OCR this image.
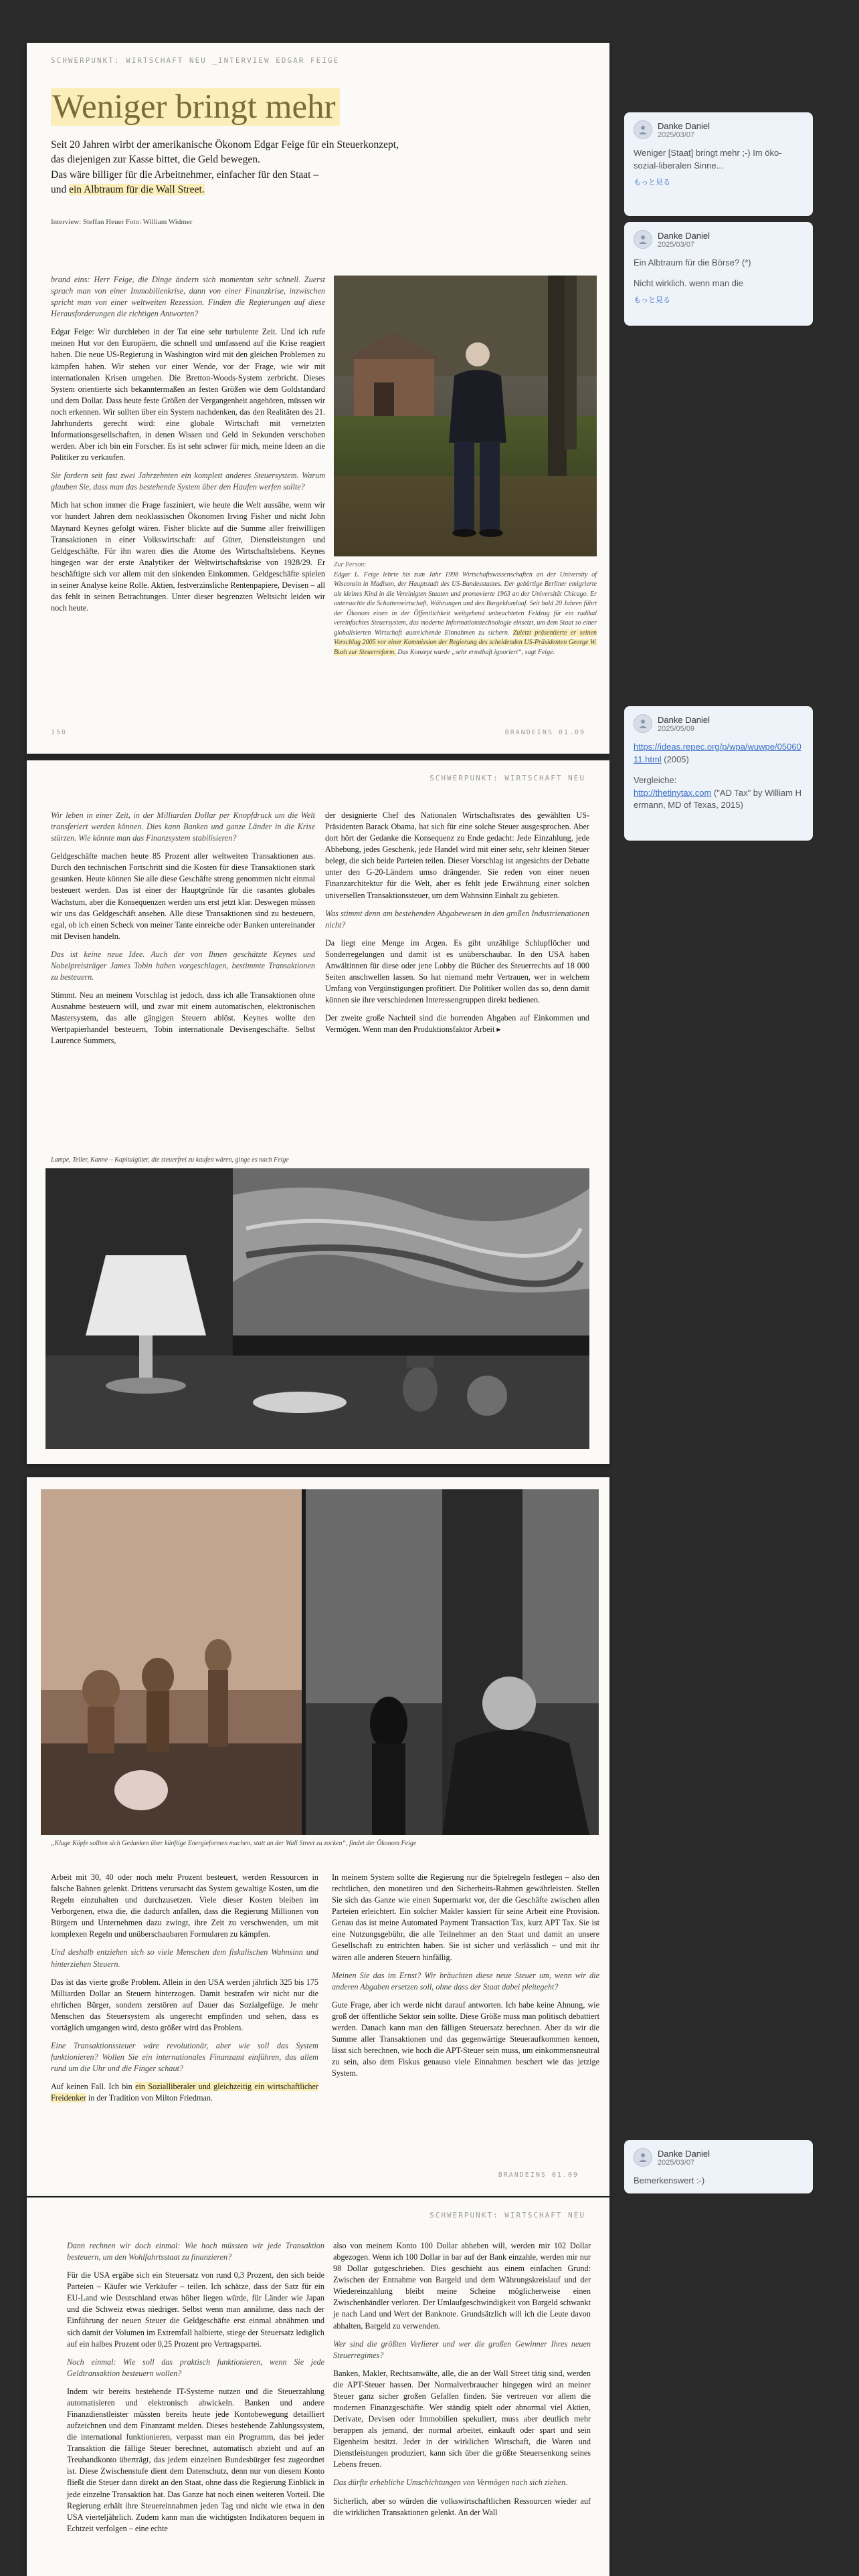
SCHWERPUNKT: WIRTSCHAFT NEU _INTERVIEW EDGAR FEIGE
Weniger bringt mehr
Seit 20 Jahren wirbt der amerikanische Ökonom Edgar Feige für ein Steuerkonzept,
das diejenigen zur Kasse bittet, die Geld bewegen.
Das wäre billiger für die Arbeitnehmer, einfacher für den Staat –
und ein Albtraum für die Wall Street.
Interview: Steffan Heuer Foto: William Widmer

brand eins: Herr Feige, die Dinge ändern sich momentan sehr schnell. Zuerst sprach man von einer Immobilienkrise, dann von einer Finanzkrise, inzwischen spricht man von einer weltweiten Rezession. Finden die Regierungen auf diese Herausforderungen die richtigen Antworten?

Edgar Feige: Wir durchleben in der Tat eine sehr turbulente Zeit. Und ich rufe meinen Hut vor den Europäern, die schnell und umfassend auf die Krise reagiert haben. Die neue US-Regierung in Washington wird mit den gleichen Problemen zu kämpfen haben. Wir stehen vor einer Wende, vor der Frage, wie wir mit internationalen Krisen umgehen. Die Bretton-Woods-System zerbricht. Dieses System orientierte sich bekanntermaßen an festen Größen wie dem Goldstandard und dem Dollar. Dass heute feste Größen der Vergangenheit angehören, müssen wir noch erkennen. Wir sollten über ein System nachdenken, das den Realitäten des 21. Jahrhunderts gerecht wird: eine globale Wirtschaft mit vernetzten Informationsgesellschaften, in denen Wissen und Geld in Sekunden verschoben werden. Aber ich bin ein Forscher. Es ist sehr schwer für mich, meine Ideen an die Politiker zu verkaufen.

Sie fordern seit fast zwei Jahrzehnten ein komplett anderes Steuersystem. Warum glauben Sie, dass man das bestehende System über den Haufen werfen sollte?

Mich hat schon immer die Frage fasziniert, wie heute die Welt aussähe, wenn wir vor hundert Jahren dem neoklassischen Ökonomen Irving Fisher und nicht John Maynard Keynes gefolgt wären. Fisher blickte auf die Summe aller freiwilligen Transaktionen in einer Volkswirtschaft: auf Güter, Dienstleistungen und Geldgeschäfte. Für ihn waren dies die Atome des Wirtschaftslebens. Keynes hingegen war der erste Analytiker der Weltwirtschaftskrise von 1928/29. Er beschäftigte sich vor allem mit den sinkenden Einkommen. Geldgeschäfte spielen in seiner Analyse keine Rolle. Aktien, festverzinsliche Rentenpapiere, Devisen – all das fehlt in seinen Betrachtungen. Unter dieser begrenzten Weltsicht leiden wir noch heute.

Zur Person:
Edgar L. Feige lehrte bis zum Jahr 1998 Wirtschaftswissenschaften an der University of Wisconsin in Madison, der Hauptstadt des US-Bundesstaates. Der gebürtige Berliner emigrierte als kleines Kind in die Vereinigten Staaten und promovierte 1963 an der Universität Chicago. Er untersuchte die Schattenwirtschaft, Währungen und den Bargeldumlauf. Seit bald 20 Jahren führt der Ökonom einen in der Öffentlichkeit weitgehend unbeachteten Feldzug für ein radikal vereinfachtes Steuersystem, das moderne Informationstechnologie einsetzt, um dem Staat so einer globalisierten Wirtschaft ausreichende Einnahmen zu sichern. Zuletzt präsentierte er seinen Vorschlag 2005 vor einer Kommission der Regierung des scheidenden US-Präsidenten George W. Bush zur Steuerreform. Das Konzept wurde „sehr ernsthaft ignoriert“, sagt Feige.
150	BRANDEINS 01.09
SCHWERPUNKT: WIRTSCHAFT NEU

Wir leben in einer Zeit, in der Milliarden Dollar per Knopfdruck um die Welt transferiert werden können. Dies kann Banken und ganze Länder in die Krise stürzen. Wie könnte man das Finanzsystem stabilisieren?

Geldgeschäfte machen heute 85 Prozent aller weltweiten Transaktionen aus. Durch den technischen Fortschritt sind die Kosten für diese Transaktionen stark gesunken. Heute können Sie alle diese Geschäfte streng genommen nicht einmal besteuert werden. Das ist einer der Hauptgründe für die rasantes globales Wachstum, aber die Konsequenzen werden uns erst jetzt klar. Deswegen müssen wir uns das Geldgeschäft ansehen. Alle diese Transaktionen sind zu besteuern, egal, ob ich einen Scheck von meiner Tante einreiche oder Banken untereinander mit Devisen handeln.

Das ist keine neue Idee. Auch der von Ihnen geschätzte Keynes und Nobelpreisträger James Tobin haben vorgeschlagen, bestimmte Transaktionen zu besteuern.

Stimmt. Neu an meinem Vorschlag ist jedoch, dass ich alle Transaktionen ohne Ausnahme besteuern will, und zwar mit einem automatischen, elektronischen Mastersystem, das alle gängigen Steuern ablöst. Keynes wollte den Wertpapierhandel besteuern, Tobin internationale Devisengeschäfte. Selbst Laurence Summers,

der designierte Chef des Nationalen Wirtschaftsrates des gewählten US-Präsidenten Barack Obama, hat sich für eine solche Steuer ausgesprochen. Aber dort hört der Gedanke die Konsequenz zu Ende gedacht: Jede Einzahlung, jede Abhebung, jedes Geschenk, jede Handel wird mit einer sehr, sehr kleinen Steuer belegt, die sich beide Parteien teilen. Dieser Vorschlag ist angesichts der Debatte unter den G-20-Ländern umso drängender. Sie reden von einer neuen Finanzarchitektur für die Welt, aber es fehlt jede Erwähnung einer solchen universellen Transaktionssteuer, um dem Wahnsinn Einhalt zu gebieten.

Was stimmt denn am bestehenden Abgabewesen in den großen Industrienationen nicht?

Da liegt eine Menge im Argen. Es gibt unzählige Schlupflöcher und Sonderregelungen und damit ist es unüberschaubar. In den USA haben Anwältinnen für diese oder jene Lobby die Bücher des Steuerrechts auf 18 000 Seiten anschwellen lassen. So hat niemand mehr Vertrauen, wer in welchem Umfang von Vergünstigungen profitiert. Die Politiker wollen das so, denn damit können sie ihre verschiedenen Interessengruppen direkt bedienen.

Der zweite große Nachteil sind die horrenden Abgaben auf Einkommen und Vermögen. Wenn man den Produktionsfaktor Arbeit ▸

Lampe, Teller, Kanne – Kapitalgüter, die steuerfrei zu kaufen wären, ginge es nach Feige
„Kluge Köpfe sollten sich Gedanken über künftige Energieformen machen, statt an der Wall Street zu zocken“, findet der Ökonom Feige

Arbeit mit 30, 40 oder noch mehr Prozent besteuert, werden Ressourcen in falsche Bahnen gelenkt. Drittens verursacht das System gewaltige Kosten, um die Regeln einzuhalten und durchzusetzen. Viele dieser Kosten bleiben im Verborgenen, etwa die, die dadurch anfallen, dass die Regierung Millionen von Bürgern und Unternehmen dazu zwingt, ihre Zeit zu verschwenden, um mit komplexen Regeln und unüberschaubaren Formularen zu kämpfen.

Und deshalb entziehen sich so viele Menschen dem fiskalischen Wahnsinn und hinterziehen Steuern.

Das ist das vierte große Problem. Allein in den USA werden jährlich 325 bis 175 Milliarden Dollar an Steuern hinterzogen. Damit bestrafen wir nicht nur die ehrlichen Bürger, sondern zerstören auf Dauer das Sozialgefüge. Je mehr Menschen das Steuersystem als ungerecht empfinden und sehen, dass es vortäglich umgangen wird, desto größer wird das Problem.

Eine Transaktionssteuer wäre revolutionär, aber wie soll das System funktionieren? Wollen Sie ein internationales Finanzamt einführen, das allem rund um die Uhr und die Finger schaut?

Auf keinen Fall. Ich bin ein Sozialliberaler und gleichzeitig ein wirtschaftlicher Freidenker in der Tradition von Milton Friedman.

In meinem System sollte die Regierung nur die Spielregeln festlegen – also den rechtlichen, den monetären und den Sicherheits-Rahmen gewährleisten. Stellen Sie sich das Ganze wie einen Supermarkt vor, der die Geschäfte zwischen allen Parteien erleichtert. Ein solcher Makler kassiert für seine Arbeit eine Provision. Genau das ist meine Automated Payment Transaction Tax, kurz APT Tax. Sie ist eine Nutzungsgebühr, die alle Teilnehmer an den Staat und damit an unsere Gesellschaft zu entrichten haben. Sie ist sicher und verlässlich – und mit ihr wären alle anderen Steuern hinfällig.

Meinen Sie das im Ernst? Wir bräuchten diese neue Steuer um, wenn wir die anderen Abgaben ersetzen soll, ohne dass der Staat dabei pleitegeht?

Gute Frage, aber ich werde nicht darauf antworten. Ich habe keine Ahnung, wie groß der öffentliche Sektor sein sollte. Diese Größe muss man politisch debattiert werden. Danach kann man den fälligen Steuersatz berechnen. Aber da wir die Summe aller Transaktionen und das gegenwärtige Steueraufkommen kennen, lässt sich berechnen, wie hoch die APT-Steuer sein muss, um einkommensneutral zu sein, also dem Fiskus genauso viele Einnahmen beschert wie das jetzige System.

BRANDEINS 01.09
SCHWERPUNKT: WIRTSCHAFT NEU

Dann rechnen wir doch einmal: Wie hoch müssten wir jede Transaktion besteuern, um den Wohlfahrtsstaat zu finanzieren?

Für die USA ergäbe sich ein Steuersatz von rund 0,3 Prozent, den sich beide Parteien – Käufer wie Verkäufer – teilen. Ich schätze, dass der Satz für ein EU-Land wie Deutschland etwas höher liegen würde, für Länder wie Japan und die Schweiz etwas niedriger. Selbst wenn man annähme, dass nach der Einführung der neuen Steuer die Geldgeschäfte erst einmal abnähmen und sich damit der Volumen im Extremfall halbierte, stiege der Steuersatz lediglich auf ein halbes Prozent oder 0,25 Prozent pro Vertragspartei.

Noch einmal: Wie soll das praktisch funktionieren, wenn Sie jede Geldtransaktion besteuern wollen?

Indem wir bereits bestehende IT-Systeme nutzen und die Steuerzahlung automatisieren und elektronisch abwickeln. Banken und andere Finanzdienstleister müssten bereits heute jede Kontobewegung detailliert aufzeichnen und dem Finanzamt melden. Dieses bestehende Zahlungssystem, die international funktionieren, verpasst man ein Programm, das bei jeder Transaktion die fällige Steuer berechnet, automatisch abzieht und auf an Treuhandkonto überträgt, das jedem einzelnen Bundesbürger fest zugeordnet ist. Diese Zwischenstufe dient dem Datenschutz, denn nur von diesem Konto fließt die Steuer dann direkt an den Staat, ohne dass die Regierung Einblick in jede einzelne Transaktion hat. Das Ganze hat noch einen weiteren Vorteil. Die Regierung erhält ihre Steuereinnahmen jeden Tag und nicht wie etwa in den USA vierteljährlich. Zudem kann man die wichtigsten Indikatoren bequem in Echtzeit verfolgen – eine echte

also von meinem Konto 100 Dollar abheben will, werden mir 102 Dollar abgezogen. Wenn ich 100 Dollar in bar auf der Bank einzahle, werden mir nur 98 Dollar gutgeschrieben. Dies geschieht aus einem einfachen Grund: Zwischen der Entnahme von Bargeld und dem Währungskreislauf und der Wiedereinzahlung bleibt meine Scheine möglicherweise einen Zwischenhändler verloren. Der Umlaufgeschwindigkeit von Bargeld schwankt je nach Land und Wert der Banknote. Grundsätzlich will ich die Leute davon abhalten, Bargeld zu verwenden.

Wer sind die größten Verlierer und wer die großen Gewinner Ihres neuen Steuerregimes?

Banken, Makler, Rechtsanwälte, alle, die an der Wall Street tätig sind, werden die APT-Steuer hassen. Der Normalverbraucher hingegen wird an meiner Steuer ganz sicher großen Gefallen finden. Sie vertreuen vor allem die modernen Finanzgeschäfte. Wer ständig spielt oder abnormal viel Aktien, Derivate, Devisen oder Immobilien spekuliert, muss aber deutlich mehr berappen als jemand, der normal arbeitet, einkauft oder spart und sein Eigenheim besitzt. Jeder in der wirklichen Wirtschaft, die Waren und Dienstleistungen produziert, kann sich über die größte Steuersenkung seines Lebens freuen.

Das dürfte erhebliche Umschichtungen von Vermögen nach sich ziehen.

Sicherlich, aber so würden die volkswirtschaftlichen Ressourcen wieder auf die wirklichen Transaktionen gelenkt. An der Wall

Danke Daniel
2025/03/07
Weniger [Staat] bringt mehr ;-) Im öko-sozial-liberalen Sinne...
もっと見る
Danke Daniel
2025/03/07
Ein Albtraum für die Börse? (*)
Nicht wirklich. wenn man die
もっと見る
Danke Daniel
2025/05/09
https://ideas.repec.org/p/wpa/wuwpe/0506011.html (2005)
Vergleiche:
http://thetinytax.com ("AD Tax" by William Hermann, MD of Texas, 2015)
Danke Daniel
2025/03/07
Bemerkenswert :-)
